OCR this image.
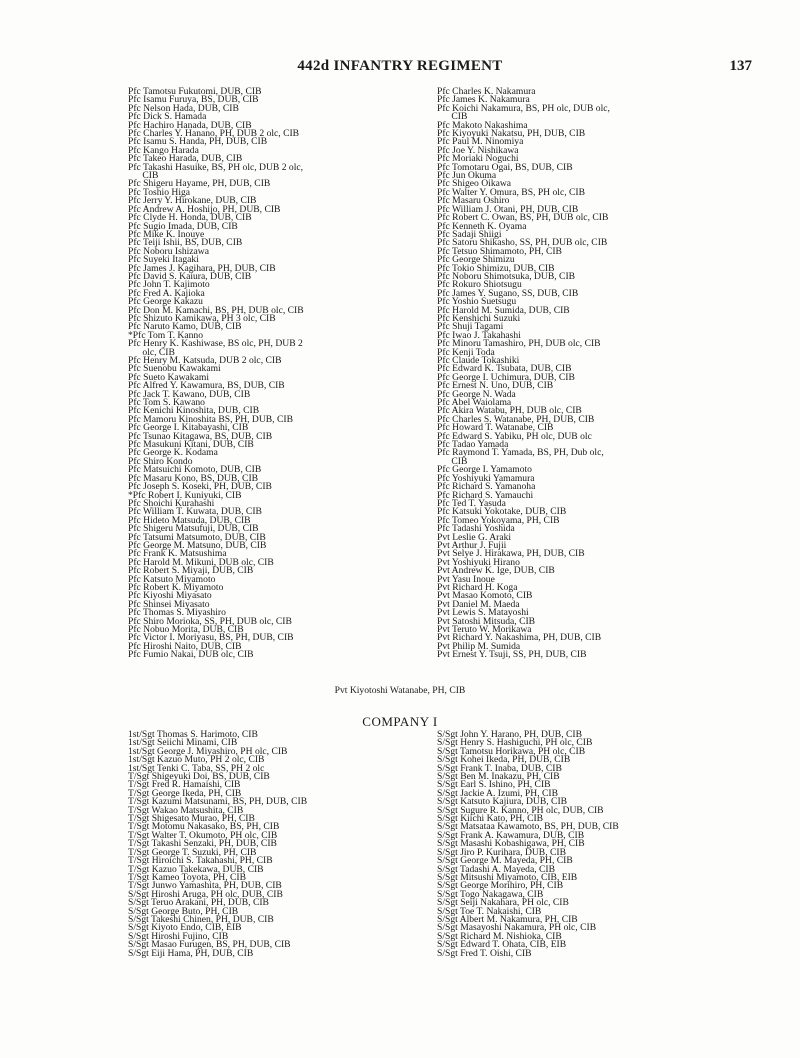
442d INFANTRY REGIMENT	137
Pfc Tamotsu Fukutomi, DUB, CIB
Pfc Isamu Furuya, BS, DUB, CIB
Pfc Nelson Hada, DUB, CIB
Pfc Dick S. Hamada
Pfc Hachiro Hanada, DUB, CIB
Pfc Charles Y. Hanano, PH, DUB 2 olc, CIB
Pfc Isamu S. Handa, PH, DUB, CIB
Pfc Kango Harada
Pfc Takeo Harada, DUB, CIB
Pfc Takashi Hasuike, BS, PH olc, DUB 2 olc,
CIB
Pfc Shigeru Hayame, PH, DUB, CIB
Pfc Toshio Higa
Pfc Jerry Y. Hirokane, DUB, CIB
Pfc Andrew A. Hoshijo, PH, DUB, CIB
Pfc Clyde H. Honda, DUB, CIB
Pfc Sugio Imada, DUB, CIB
Pfc Mike K. Inouye
Pfc Teiji Ishii, BS, DUB, CIB
Pfc Noboru Ishizawa
Pfc Suyeki Itagaki
Pfc James J. Kagihara, PH, DUB, CIB
Pfc David S. Kaiura, DUB, CIB
Pfc John T. Kajimoto
Pfc Fred A. Kajioka
Pfc George Kakazu
Pfc Don M. Kamachi, BS, PH, DUB olc, CIB
Pfc Shizuto Kamikawa, PH 3 olc, CIB
Pfc Naruto Kamo, DUB, CIB
*Pfc Tom T. Kanno
Pfc Henry K. Kashiwase, BS olc, PH, DUB 2
olc, CIB
Pfc Henry M. Katsuda, DUB 2 olc, CIB
Pfc Suenobu Kawakami
Pfc Sueto Kawakami
Pfc Alfred Y. Kawamura, BS, DUB, CIB
Pfc Jack T. Kawano, DUB, CIB
Pfc Tom S. Kawano
Pfc Kenichi Kinoshita, DUB, CIB
Pfc Mamoru Kinoshita BS, PH, DUB, CIB
Pfc George I. Kitabayashi, CIB
Pfc Tsunao Kitagawa, BS, DUB, CIB
Pfc Masukuni Kitani, DUB, CIB
Pfc George K. Kodama
Pfc Shiro Kondo
Pfc Matsuichi Komoto, DUB, CIB
Pfc Masaru Kono, BS, DUB, CIB
Pfc Joseph S. Koseki, PH, DUB, CIB
*Pfc Robert I. Kuniyuki, CIB
Pfc Shoichi Kurahashi
Pfc William T. Kuwata, DUB, CIB
Pfc Hideto Matsuda, DUB, CIB
Pfc Shigeru Matsufuji, DUB, CIB
Pfc Tatsumi Matsumoto, DUB, CIB
Pfc George M. Matsuno, DUB, CIB
Pfc Frank K. Matsushima
Pfc Harold M. Mikuni, DUB olc, CIB
Pfc Robert S. Miyaji, DUB, CIB
Pfc Katsuto Miyamoto
Pfc Robert K. Miyamoto
Pfc Kiyoshi Miyasato
Pfc Shinsei Miyasato
Pfc Thomas S. Miyashiro
Pfc Shiro Morioka, SS, PH, DUB olc, CIB
Pfc Nobuo Morita, DUB, CIB
Pfc Victor I. Moriyasu, BS, PH, DUB, CIB
Pfc Hiroshi Naito, DUB, CIB
Pfc Fumio Nakai, DUB olc, CIB
Pfc Charles K. Nakamura
Pfc James K. Nakamura
Pfc Koichi Nakamura, BS, PH olc, DUB olc,
CIB
Pfc Makoto Nakashima
Pfc Kiyoyuki Nakatsu, PH, DUB, CIB
Pfc Paul M. Ninomiya
Pfc Joe Y. Nishikawa
Pfc Moriaki Noguchi
Pfc Tomotaru Ogai, BS, DUB, CIB
Pfc Jun Okuma
Pfc Shigeo Oikawa
Pfc Walter Y. Omura, BS, PH olc, CIB
Pfc Masaru Oshiro
Pfc William J. Otani, PH, DUB, CIB
Pfc Robert C. Owan, BS, PH, DUB olc, CIB
Pfc Kenneth K. Oyama
Pfc Sadaji Shiigi
Pfc Satoru Shikasho, SS, PH, DUB olc, CIB
Pfc Tetsuo Shimamoto, PH, CIB
Pfc George Shimizu
Pfc Tokio Shimizu, DUB, CIB
Pfc Noboru Shimotsuka, DUB, CIB
Pfc Rokuro Shiotsugu
Pfc James Y. Sugano, SS, DUB, CIB
Pfc Yoshio Suetsugu
Pfc Harold M. Sumida, DUB, CIB
Pfc Kenshichi Suzuki
Pfc Shuji Tagami
Pfc Iwao J. Takahashi
Pfc Minoru Tamashiro, PH, DUB olc, CIB
Pfc Kenji Toda
Pfc Claude Tokashiki
Pfc Edward K. Tsubata, DUB, CIB
Pfc George I. Uchimura, DUB, CIB
Pfc Ernest N. Uno, DUB, CIB
Pfc George N. Wada
Pfc Abel Waiolama
Pfc Akira Watabu, PH, DUB olc, CIB
Pfc Charles S. Watanabe, PH, DUB, CIB
Pfc Howard T. Watanabe, CIB
Pfc Edward S. Yabiku, PH olc, DUB olc
Pfc Tadao Yamada
Pfc Raymond T. Yamada, BS, PH, Dub olc,
CIB
Pfc George I. Yamamoto
Pfc Yoshiyuki Yamamura
Pfc Richard S. Yamanoha
Pfc Richard S. Yamauchi
Pfc Ted T. Yasuda
Pfc Katsuki Yokotake, DUB, CIB
Pfc Tomeo Yokoyama, PH, CIB
Pfc Tadashi Yoshida
Pvt Leslie G. Araki
Pvt Arthur J. Fujii
Pvt Selye J. Hirakawa, PH, DUB, CIB
Pvt Yoshiyuki Hirano
Pvt Andrew K. Ige, DUB, CIB
Pvt Yasu Inoue
Pvt Richard H. Koga
Pvt Masao Komoto, CIB
Pvt Daniel M. Maeda
Pvt Lewis S. Matayoshi
Pvt Satoshi Mitsuda, CIB
Pvt Teruto W. Morikawa
Pvt Richard Y. Nakashima, PH, DUB, CIB
Pvt Philip M. Sumida
Pvt Ernest Y. Tsuji, SS, PH, DUB, CIB
Pvt Kiyotoshi Watanabe, PH, CIB
COMPANY I
1st/Sgt Thomas S. Harimoto, CIB
1st/Sgt Seiichi Minami, CIB
1st/Sgt George J. Miyashiro, PH olc, CIB
1st/Sgt Kazuo Muto, PH 2 olc, CIB
1st/Sgt Tenki C. Taba, SS, PH 2 olc
T/Sgt Shigeyuki Doi, BS, DUB, CIB
T/Sgt Fred R. Hamaishi, CIB
T/Sgt George Ikeda, PH, CIB
T/Sgt Kazumi Matsunami, BS, PH, DUB, CIB
T/Sgt Wakao Matsushita, CIB
T/Sgt Shigesato Murao, PH, CIB
T/Sgt Motomu Nakasako, BS, PH, CIB
T/Sgt Walter T. Okumoto, PH olc, CIB
T/Sgt Takashi Senzaki, PH, DUB, CIB
T/Sgt George T. Suzuki, PH, CIB
T/Sgt Hiroichi S. Takahashi, PH, CIB
T/Sgt Kazuo Takekawa, DUB, CIB
T/Sgt Kameo Toyota, PH, CIB
T/Sgt Junwo Yamashita, PH, DUB, CIB
S/Sgt Hiroshi Aruga, PH olc, DUB, CIB
S/Sgt Teruo Arakani, PH, DUB, CIB
S/Sgt George Buto, PH, CIB
S/Sgt Takeshi Chinen, PH, DUB, CIB
S/Sgt Kiyoto Endo, CIB, EIB
S/Sgt Hiroshi Fujino, CIB
S/Sgt Masao Furugen, BS, PH, DUB, CIB
S/Sgt Eiji Hama, PH, DUB, CIB
S/Sgt John Y. Harano, PH, DUB, CIB
S/Sgt Henry S. Hashiguchi, PH olc, CIB
S/Sgt Tamotsu Horikawa, PH olc, CIB
S/Sgt Kohei Ikeda, PH, DUB, CIB
S/Sgt Frank T. Inaba, DUB, CIB
S/Sgt Ben M. Inakazu, PH, CIB
S/Sgt Earl S. Ishino, PH, CIB
S/Sgt Jackie A. Izumi, PH, CIB
S/Sgt Katsuto Kajiura, DUB, CIB
S/Sgt Sugure R. Kanno, PH olc, DUB, CIB
S/Sgt Kiichi Kato, PH, CIB
S/Sgt Matsataa Kawamoto, BS, PH, DUB, CIB
S/Sgt Frank A. Kawamura, DUB, CIB
S/Sgt Masashi Kobashigawa, PH, CIB
S/Sgt Jiro P. Kurihara, DUB, CIB
S/Sgt George M. Mayeda, PH, CIB
S/Sgt Tadashi A. Mayeda, CIB
S/Sgt Mitsushi Miyamoto, CIB, EIB
S/Sgt George Morihiro, PH, CIB
S/Sgt Togo Nakagawa, CIB
S/Sgt Seiji Nakahara, PH olc, CIB
S/Sgt Toe T. Nakaishi, CIB
S/Sgt Albert M. Nakamura, PH, CIB
S/Sgt Masayoshi Nakamura, PH olc, CIB
S/Sgt Richard M. Nishioka, CIB
S/Sgt Edward T. Ohata, CIB, EIB
S/Sgt Fred T. Oishi, CIB
